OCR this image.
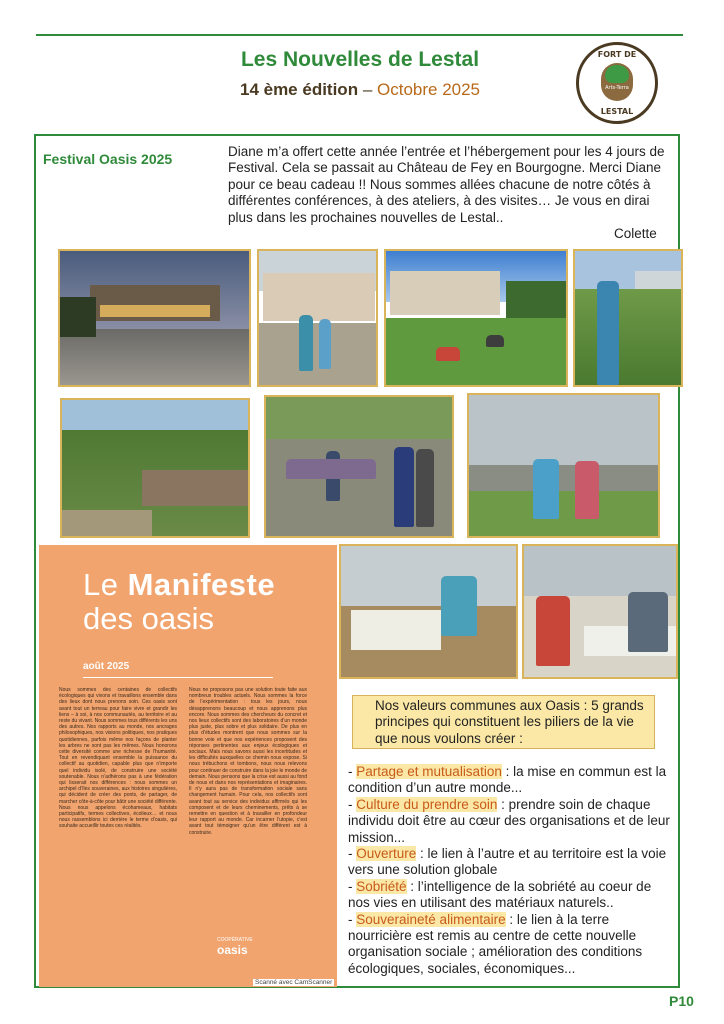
Les Nouvelles de Lestal
14 ème édition – Octobre 2025
FORT DE
Arts-Terra
LESTAL
Festival Oasis 2025	Diane m’a offert cette année l’entrée et l’hébergement pour les 4 jours de Festival. Cela se passait au Château de Fey en Bourgogne. Merci Diane pour ce beau cadeau !! Nous sommes allées chacune de notre côtés à différentes conférences, à des ateliers, à des visites… Je vous en dirai plus dans les prochaines nouvelles de Lestal..
Colette
Le Manifeste
des oasis
août 2025
Nous sommes des centaines de collectifs écologiques qui vivons et travaillons ensemble dans des lieux dont nous prenons soin. Ces oasis sont avant tout un terreau pour faire vivre et grandir les liens – à soi, à nos communautés, au territoire et au reste du vivant. Nous sommes tous différents les uns des autres. Nos rapports au monde, nos ancrages philosophiques, nos visions politiques, nos pratiques quotidiennes, parfois même nos façons de planter les arbres ne sont pas les mêmes. Nous honorons cette diversité comme une richesse de l’humanité. Tout en revendiquant ensemble la puissance du collectif au quotidien, capable plus que n’importe quel individu isolé, de construire une société soutenable. Nous n’adhérons pas à une fédération qui lisserait nos différences : nous sommes un archipel d’îles souveraines, aux histoires singulières, qui décident de créer des ponts, de partager, de marcher côte-à-côte pour bâtir une société différente. Nous nous appelons écohameaux, habitats participatifs, termes collectives, écolieux… et nous nous rassemblons ici derrière le terme d’oasis, qui souhaite accueillir toutes ces réalités.
Nous ne proposons pas une solution toute faite aux nombreux troubles actuels. Nous sommes la force de l’expérimentation : tous les jours, nous désapprenons beaucoup et nous apprenons plus encore. Nous sommes des chercheurs du concret et nos lieux collectifs sont des laboratoires d’un monde plus juste, plus sobre et plus solidaire. De plus en plus d’études montrent que nous sommes sur la bonne voie et que nos expériences proposent des réponses pertinentes aux enjeux écologiques et sociaux. Mais nous savons aussi les incertitudes et les difficultés auxquelles ce chemin nous expose. Si nous trébuchons et tombons, nous nous relevons pour continuer de construire dans la joie le monde de demain. Nous pensons que la crise est aussi au fond de nous et dans nos représentations et imaginaires. Il n’y aura pas de transformation sociale sans changement humain. Pour cela, nos collectifs sont avant tout au service des individus affirmés qui les composent et de leurs cheminements, prêts à se remettre en question et à travailler en profondeur leur rapport au monde. Car incarner l’utopie, c’est avant tout témoigner qu’un être différent est à construire.
COOPÉRATIVE
oasis
Scanné avec CamScanner
Nos valeurs communes aux Oasis : 5 grands principes qui constituent les piliers de la vie que nous voulons créer :
- Partage et mutualisation : la mise en commun est la condition d’un autre monde...
- Culture du prendre soin : prendre soin de chaque individu doit être au cœur des organisations et de leur mission...
- Ouverture : le lien à l’autre et au territoire est la voie vers une solution globale
- Sobriété : l’intelligence de la sobriété au coeur de nos vies en utilisant des matériaux naturels..
- Souveraineté alimentaire : le lien à la terre nourricière est remis au centre de cette nouvelle organisation sociale ; amélioration des conditions écologiques, sociales, économiques...
P10
